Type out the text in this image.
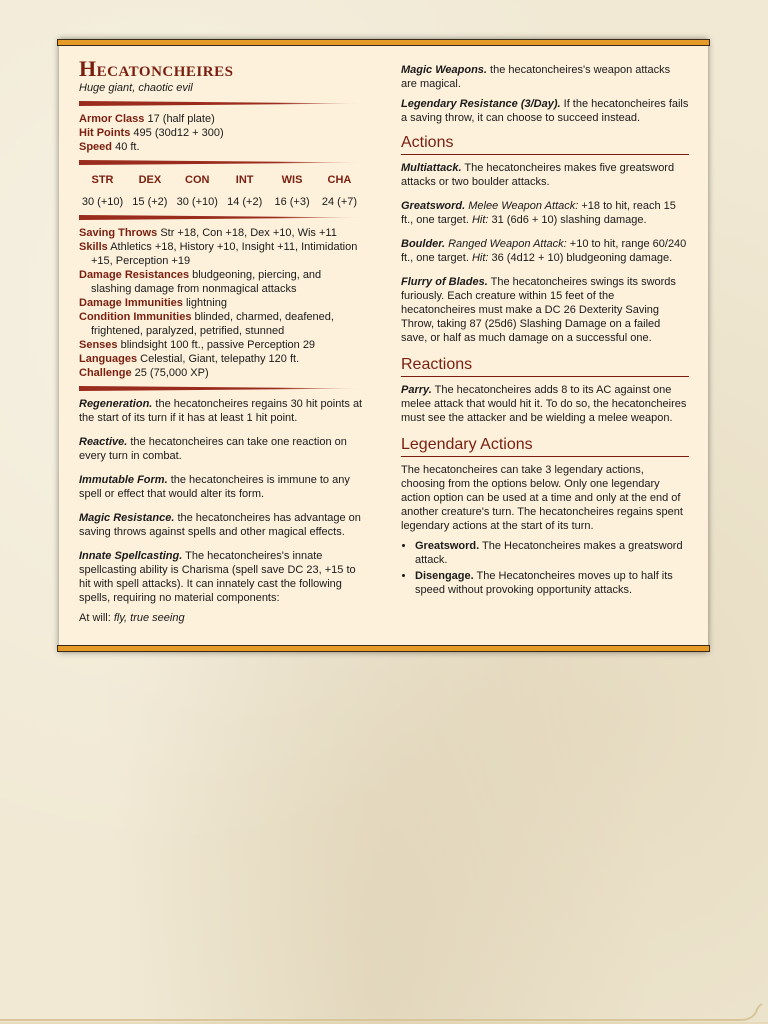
Hecatoncheires
Huge giant, chaotic evil

Armor Class 17 (half plate)

Hit Points 495 (30d12 + 300)

Speed 40 ft.

STR
30 (+10)
DEX
15 (+2)
CON
30 (+10)
INT
14 (+2)
WIS
16 (+3)
CHA
24 (+7)

Saving Throws Str +18, Con +18, Dex +10, Wis +11

Skills Athletics +18, History +10, Insight +11, Intimidation +15, Perception +19

Damage Resistances bludgeoning, piercing, and slashing damage from nonmagical attacks

Damage Immunities lightning

Condition Immunities blinded, charmed, deafened, frightened, paralyzed, petrified, stunned

Senses blindsight 100 ft., passive Perception 29

Languages Celestial, Giant, telepathy 120 ft.

Challenge 25 (75,000 XP)

Regeneration. the hecatoncheires regains 30 hit points at the start of its turn if it has at least 1 hit point.

Reactive. the hecatoncheires can take one reaction on every turn in combat.

Immutable Form. the hecatoncheires is immune to any spell or effect that would alter its form.

Magic Resistance. the hecatoncheires has advantage on saving throws against spells and other magical effects.

Innate Spellcasting. The hecatoncheires's innate spellcasting ability is Charisma (spell save DC 23, +15 to hit with spell attacks). It can innately cast the following spells, requiring no material components:

At will: fly, true seeing

Magic Weapons. the hecatoncheires's weapon attacks are magical.

Legendary Resistance (3/Day). If the hecatoncheires fails a saving throw, it can choose to succeed instead.

Actions

Multiattack. The hecatoncheires makes five greatsword attacks or two boulder attacks.

Greatsword. Melee Weapon Attack: +18 to hit, reach 15 ft., one target. Hit: 31 (6d6 + 10) slashing damage.

Boulder. Ranged Weapon Attack: +10 to hit, range 60/240 ft., one target. Hit: 36 (4d12 + 10) bludgeoning damage.

Flurry of Blades. The hecatoncheires swings its swords furiously. Each creature within 15 feet of the hecatoncheires must make a DC 26 Dexterity Saving Throw, taking 87 (25d6) Slashing Damage on a failed save, or half as much damage on a successful one.

Reactions

Parry. The hecatoncheires adds 8 to its AC against one melee attack that would hit it. To do so, the hecatoncheires must see the attacker and be wielding a melee weapon.

Legendary Actions

The hecatoncheires can take 3 legendary actions, choosing from the options below. Only one legendary action option can be used at a time and only at the end of another creature's turn. The hecatoncheires regains spent legendary actions at the start of its turn.

• Greatsword. The Hecatoncheires makes a greatsword attack.
• Disengage. The Hecatoncheires moves up to half its speed without provoking opportunity attacks.
